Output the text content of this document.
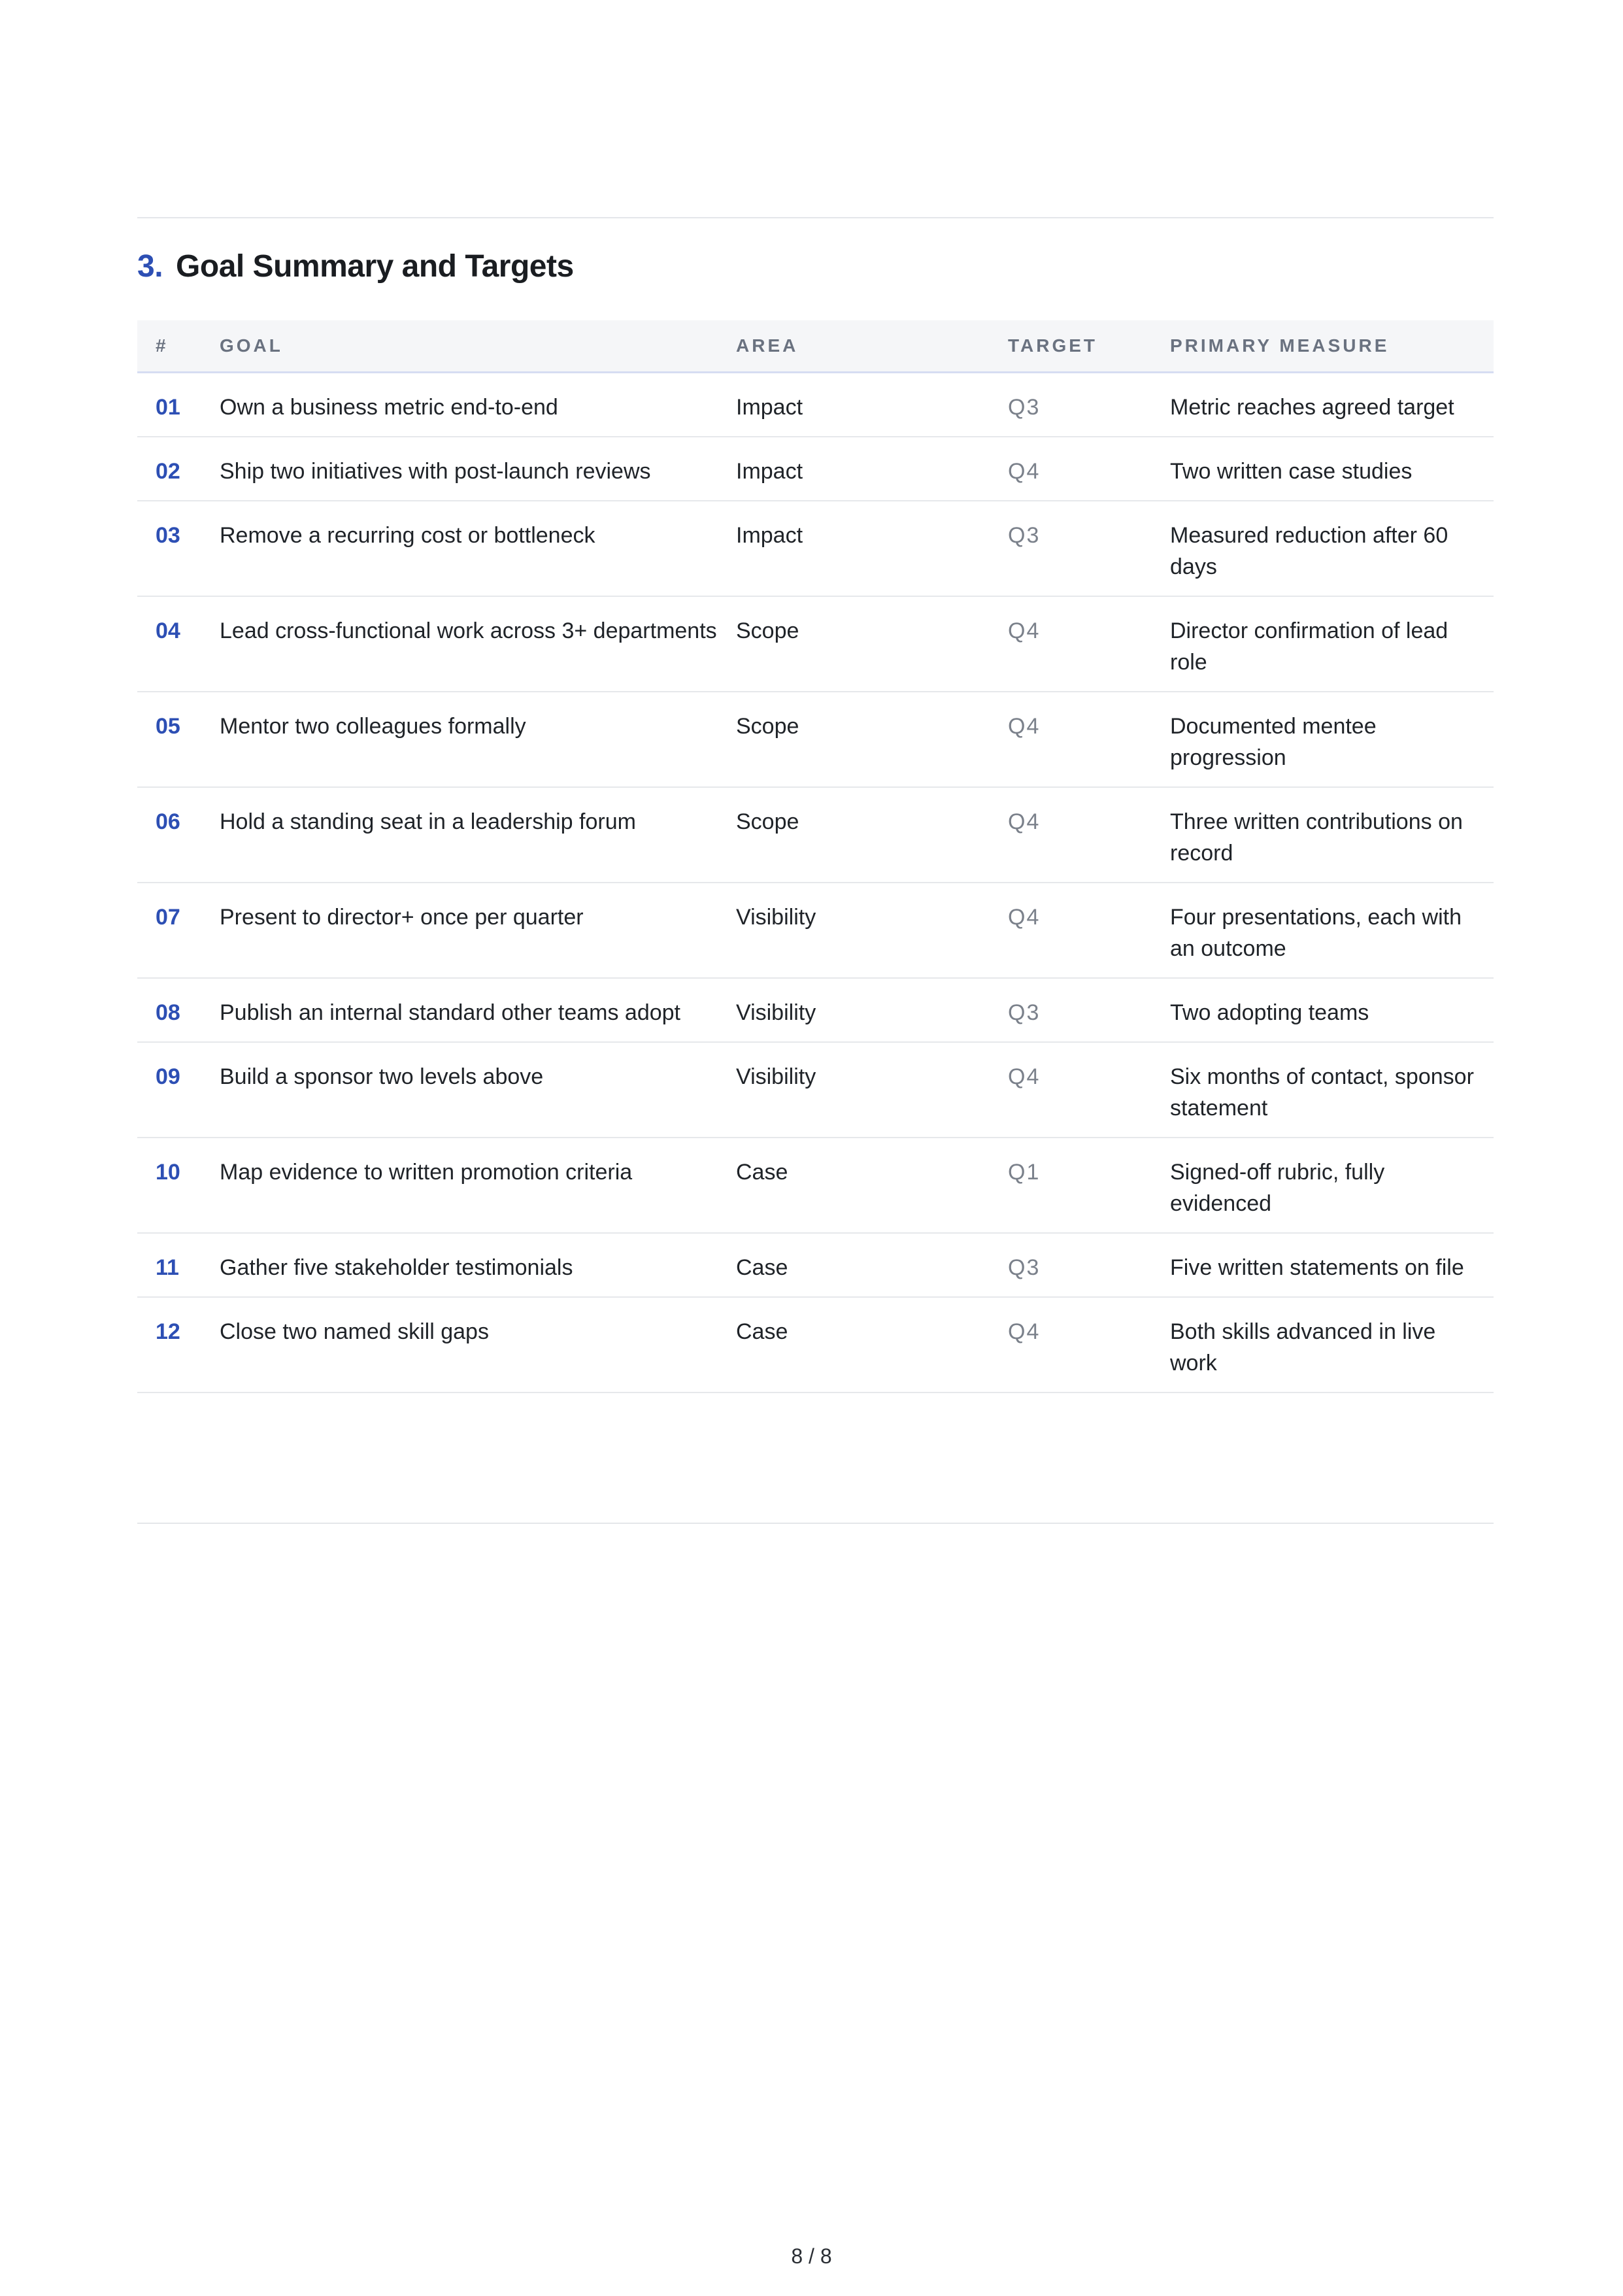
3. Goal Summary and Targets
#	GOAL	AREA	TARGET	PRIMARY MEASURE
01	Own a business metric end-to-end	Impact	Q3	Metric reaches agreed target
02	Ship two initiatives with post-launch reviews	Impact	Q4	Two written case studies
03	Remove a recurring cost or bottleneck	Impact	Q3	Measured reduction after 60 days
04	Lead cross-functional work across 3+ departments	Scope	Q4	Director confirmation of lead role
05	Mentor two colleagues formally	Scope	Q4	Documented mentee progression
06	Hold a standing seat in a leadership forum	Scope	Q4	Three written contributions on record
07	Present to director+ once per quarter	Visibility	Q4	Four presentations, each with an outcome
08	Publish an internal standard other teams adopt	Visibility	Q3	Two adopting teams
09	Build a sponsor two levels above	Visibility	Q4	Six months of contact, sponsor statement
10	Map evidence to written promotion criteria	Case	Q1	Signed-off rubric, fully evidenced
11	Gather five stakeholder testimonials	Case	Q3	Five written statements on file
12	Close two named skill gaps	Case	Q4	Both skills advanced in live work

8 / 8
